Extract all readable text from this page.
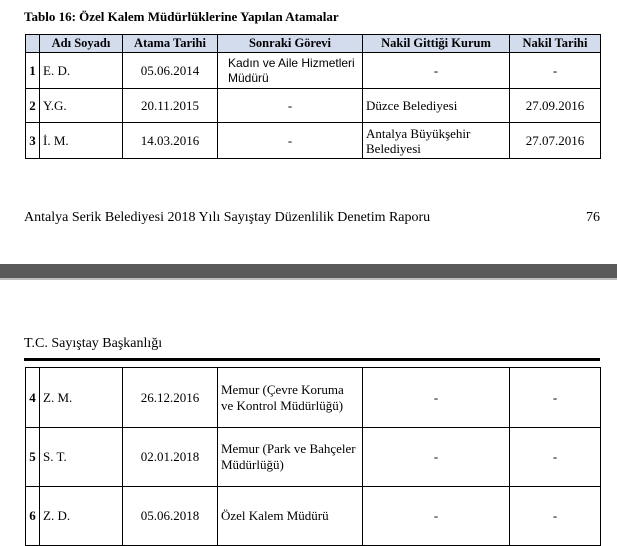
Tablo 16: Özel Kalem Müdürlüklerine Yapılan Atamalar
	Adı Soyadı	Atama Tarihi	Sonraki Görevi	Nakil Gittiği Kurum	Nakil Tarihi
1	E. D.	05.06.2014	Kadın ve Aile Hizmetleri Müdürü	-	-
2	Y.G.	20.11.2015	-	Düzce Belediyesi	27.09.2016
3	İ. M.	14.03.2016	-	Antalya Büyükşehir Belediyesi	27.07.2016
Antalya Serik Belediyesi 2018 Yılı Sayıştay Düzenlilik Denetim Raporu	76
T.C. Sayıştay Başkanlığı
4	Z. M.	26.12.2016	Memur (Çevre Koruma ve Kontrol Müdürlüğü)	-	-
5	S. T.	02.01.2018	Memur (Park ve Bahçeler Müdürlüğü)	-	-
6	Z. D.	05.06.2018	Özel Kalem Müdürü	-	-
